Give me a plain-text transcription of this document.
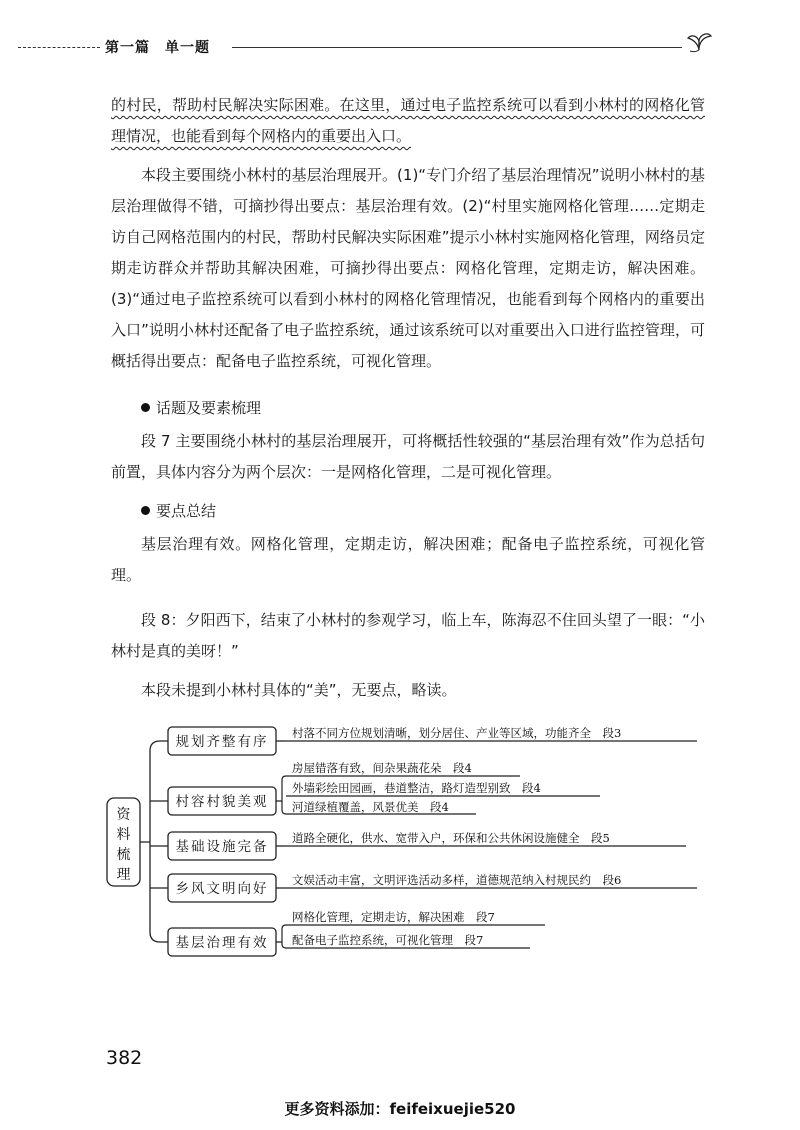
第一篇　单一题
的村民，帮助村民解决实际困难。在这里，通过电子监控系统可以看到小林村的网格化管理情况，也能看到每个网格内的重要出入口。
本段主要围绕小林村的基层治理展开。(1)“专门介绍了基层治理情况”说明小林村的基层治理做得不错，可摘抄得出要点：基层治理有效。(2)“村里实施网格化管理……定期走访自己网格范围内的村民，帮助村民解决实际困难”提示小林村实施网格化管理，网络员定期走访群众并帮助其解决困难，可摘抄得出要点：网格化管理，定期走访，解决困难。(3)“通过电子监控系统可以看到小林村的网格化管理情况，也能看到每个网格内的重要出入口”说明小林村还配备了电子监控系统，通过该系统可以对重要出入口进行监控管理，可概括得出要点：配备电子监控系统，可视化管理。
话题及要素梳理
段 7 主要围绕小林村的基层治理展开，可将概括性较强的“基层治理有效”作为总括句前置，具体内容分为两个层次：一是网格化管理，二是可视化管理。
要点总结
基层治理有效。网格化管理，定期走访，解决困难；配备电子监控系统，可视化管理。
段 8：夕阳西下，结束了小林村的参观学习，临上车，陈海忍不住回头望了一眼：“小林村是真的美呀！”
本段未提到小林村具体的“美”，无要点，略读。
资
料
梳
理
规划齐整有序
村容村貌美观
基础设施完备
乡风文明向好
基层治理有效
村落不同方位规划清晰，划分居住、产业等区域，功能齐全　段3
房屋错落有致，间杂果蔬花朵　段4
外墙彩绘田园画，巷道整洁，路灯造型别致　段4
河道绿植覆盖，风景优美　段4
道路全硬化，供水、宽带入户，环保和公共休闲设施健全　段5
文娱活动丰富，文明评选活动多样，道德规范纳入村规民约　段6
网格化管理，定期走访，解决困难　段7
配备电子监控系统，可视化管理　段7
382
更多资料添加：feifeixuejie520
